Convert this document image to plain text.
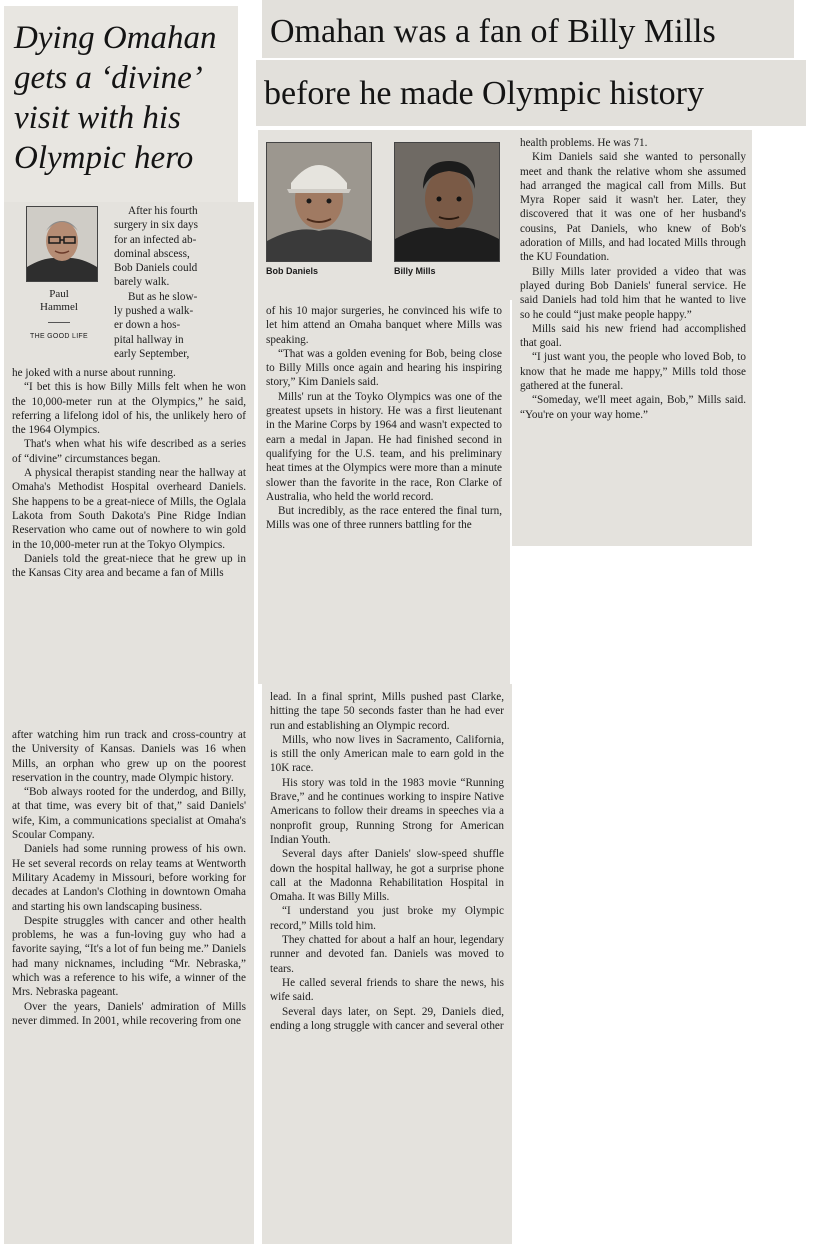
Dying Omahan

gets a ‘divine’

visit with his

Olympic hero

Paul
Hammel
THE GOOD LIFE
After his fourth
surgery in six days
for an infected ab-
dominal abscess,
Bob Daniels could
barely walk.
But as he slow-
ly pushed a walk-
er down a hos-
pital hallway in
early September,

he joked with a nurse about running.

“I bet this is how Billy Mills felt when he won the 10,000-meter run at the Olympics,” he said, referring a lifelong idol of his, the unlikely hero of the 1964 Olympics.

That's when what his wife described as a series of “divine” circumstances began.

A physical therapist standing near the hallway at Omaha's Methodist Hospital overheard Daniels. She happens to be a great-niece of Mills, the Oglala Lakota from South Dakota's Pine Ridge Indian Reservation who came out of nowhere to win gold in the 10,000-meter run at the Tokyo Olympics.

Daniels told the great-niece that he grew up in the Kansas City area and became a fan of Mills

after watching him run track and cross-country at the University of Kansas. Daniels was 16 when Mills, an orphan who grew up on the poorest reservation in the country, made Olympic history.

“Bob always rooted for the underdog, and Billy, at that time, was every bit of that,” said Daniels' wife, Kim, a communications specialist at Omaha's Scoular Company.

Daniels had some running prowess of his own. He set several records on relay teams at Wentworth Military Academy in Missouri, before working for decades at Landon's Clothing in downtown Omaha and starting his own landscaping business.

Despite struggles with cancer and other health problems, he was a fun-loving guy who had a favorite saying, “It's a lot of fun being me.” Daniels had many nicknames, including “Mr. Nebraska,” which was a reference to his wife, a winner of the Mrs. Nebraska pageant.

Over the years, Daniels' admiration of Mills never dimmed. In 2001, while recovering from one

Omahan was a fan of Billy Mills

before he made Olympic history

Bob Daniels	Billy Mills

of his 10 major surgeries, he convinced his wife to let him attend an Omaha banquet where Mills was speaking.

“That was a golden evening for Bob, being close to Billy Mills once again and hearing his inspiring story,” Kim Daniels said.

Mills' run at the Toyko Olympics was one of the greatest upsets in history. He was a first lieutenant in the Marine Corps by 1964 and wasn't expected to earn a medal in Japan. He had finished second in qualifying for the U.S. team, and his preliminary heat times at the Olympics were more than a minute slower than the favorite in the race, Ron Clarke of Australia, who held the world record.

But incredibly, as the race entered the final turn, Mills was one of three runners battling for the

lead. In a final sprint, Mills pushed past Clarke, hitting the tape 50 seconds faster than he had ever run and establishing an Olympic record.

Mills, who now lives in Sacramento, California, is still the only American male to earn gold in the 10K race.

His story was told in the 1983 movie “Running Brave,” and he continues working to inspire Native Americans to follow their dreams in speeches via a nonprofit group, Running Strong for American Indian Youth.

Several days after Daniels' slow-speed shuffle down the hospital hallway, he got a surprise phone call at the Madonna Rehabilitation Hospital in Omaha. It was Billy Mills.

“I understand you just broke my Olympic record,” Mills told him.

They chatted for about a half an hour, legendary runner and devoted fan. Daniels was moved to tears.

He called several friends to share the news, his wife said.

Several days later, on Sept. 29, Daniels died, ending a long struggle with cancer and several other

health problems. He was 71.

Kim Daniels said she wanted to personally meet and thank the relative whom she assumed had arranged the magical call from Mills. But Myra Roper said it wasn't her. Later, they discovered that it was one of her husband's cousins, Pat Daniels, who knew of Bob's adoration of Mills, and had located Mills through the KU Foundation.

Billy Mills later provided a video that was played during Bob Daniels' funeral service. He said Daniels had told him that he wanted to live so he could “just make people happy.”

Mills said his new friend had accomplished that goal.

“I just want you, the people who loved Bob, to know that he made me happy,” Mills told those gathered at the funeral.

“Someday, we'll meet again, Bob,” Mills said. “You're on your way home.”
